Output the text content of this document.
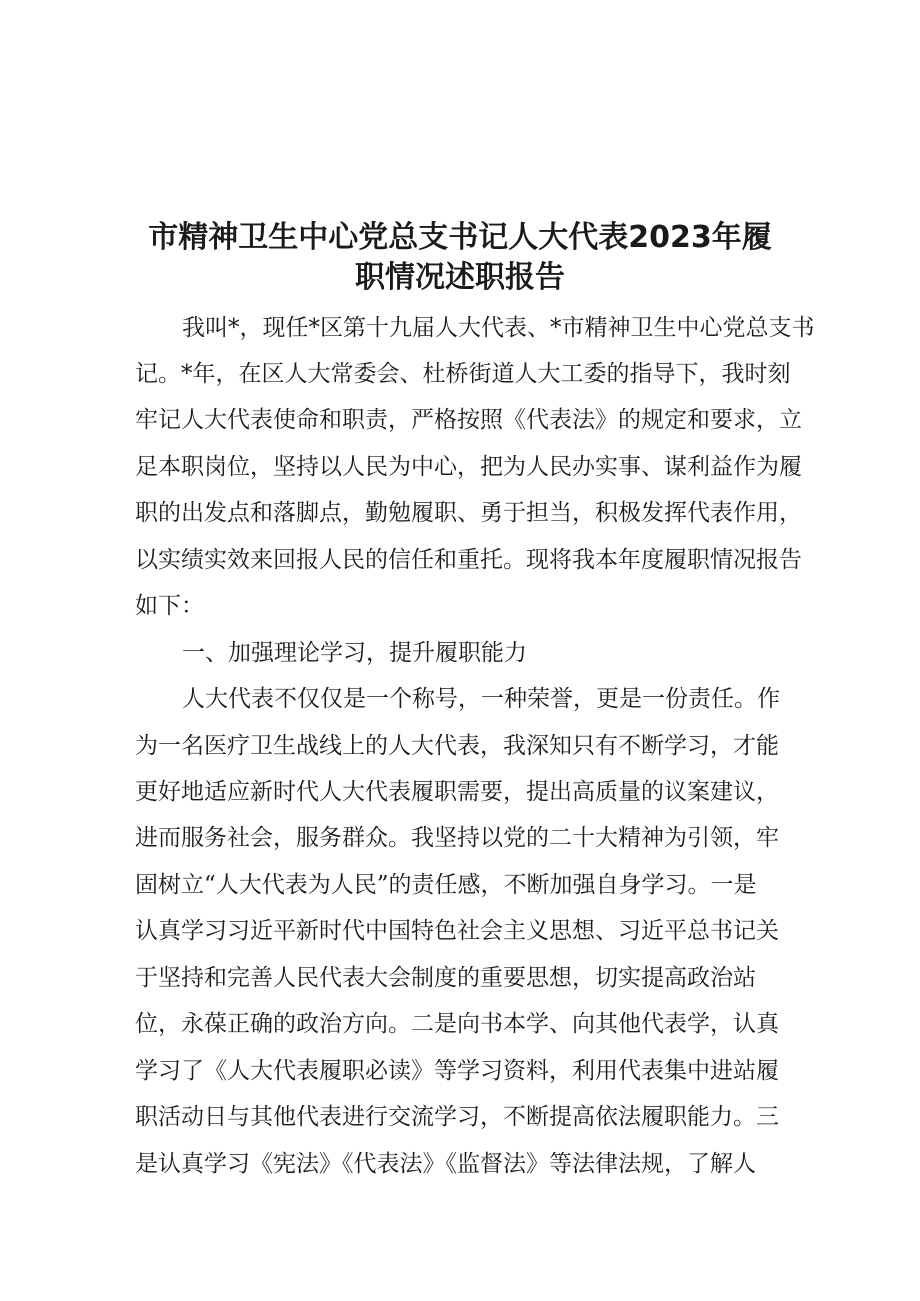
市精神卫生中心党总支书记人大代表2023年履
职情况述职报告
我叫*，现任*区第十九届人大代表、*市精神卫生中心党总支书
记。*年，在区人大常委会、杜桥街道人大工委的指导下，我时刻
牢记人大代表使命和职责，严格按照《代表法》的规定和要求，立
足本职岗位，坚持以人民为中心，把为人民办实事、谋利益作为履
职的出发点和落脚点，勤勉履职、勇于担当，积极发挥代表作用，
以实绩实效来回报人民的信任和重托。现将我本年度履职情况报告
如下：
一、加强理论学习，提升履职能力
人大代表不仅仅是一个称号，一种荣誉，更是一份责任。作
为一名医疗卫生战线上的人大代表，我深知只有不断学习，才能
更好地适应新时代人大代表履职需要，提出高质量的议案建议，
进而服务社会，服务群众。我坚持以党的二十大精神为引领，牢
固树立“人大代表为人民”的责任感，不断加强自身学习。一是
认真学习习近平新时代中国特色社会主义思想、习近平总书记关
于坚持和完善人民代表大会制度的重要思想，切实提高政治站
位，永葆正确的政治方向。二是向书本学、向其他代表学，认真
学习了《人大代表履职必读》等学习资料，利用代表集中进站履
职活动日与其他代表进行交流学习，不断提高依法履职能力。三
是认真学习《宪法》《代表法》《监督法》等法律法规，了解人
